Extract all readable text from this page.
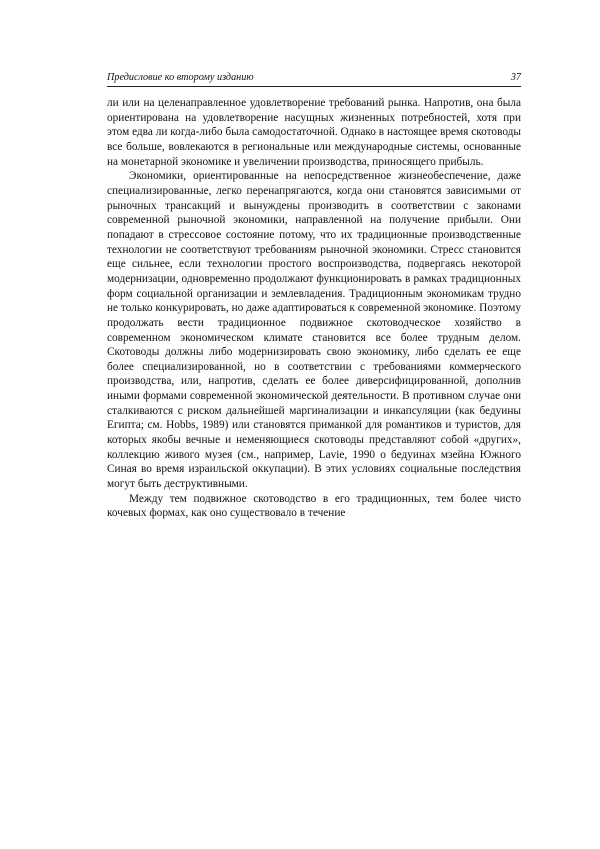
Предисловие ко второму изданию	37

ли или на целенаправленное удовлетворение требований рынка. Напротив, она была ориентирована на удовлетворение насущных жизненных потребностей, хотя при этом едва ли когда-либо была самодостаточной. Однако в настоящее время скотоводы все больше, вовлекаются в региональные или международные системы, основанные на монетарной экономике и увеличении производства, приносящего прибыль.

Экономики, ориентированные на непосредственное жизнеобеспечение, даже специализированные, легко перенапрягаются, когда они становятся зависимыми от рыночных трансакций и вынуждены производить в соответствии с законами современной рыночной экономики, направленной на получение прибыли. Они попадают в стрессовое состояние потому, что их традиционные производственные технологии не соответствуют требованиям рыночной экономики. Стресс становится еще сильнее, если технологии простого воспроизводства, подвергаясь некоторой модернизации, одновременно продолжают функционировать в рамках традиционных форм социальной организации и землевладения. Традиционным экономикам трудно не только конкурировать, но даже адаптироваться к современной экономике. Поэтому продолжать вести традиционное подвижное скотоводческое хозяйство в современном экономическом климате становится все более трудным делом. Скотоводы должны либо модернизировать свою экономику, либо сделать ее еще более специализированной, но в соответствии с требованиями коммерческого производства, или, напротив, сделать ее более диверсифицированной, дополнив иными формами современной экономической деятельности. В противном случае они сталкиваются с риском дальнейшей маргинализации и инкапсуляции (как бедуины Египта; см. Hobbs, 1989) или становятся приманкой для романтиков и туристов, для которых якобы вечные и неменяющиеся скотоводы представляют собой «других», коллекцию живого музея (см., например, Lavie, 1990 о бедуинах мзейна Южного Синая во время израильской оккупации). В этих условиях социальные последствия могут быть деструктивными.

Между тем подвижное скотоводство в его традиционных, тем более чисто кочевых формах, как оно существовало в течение
